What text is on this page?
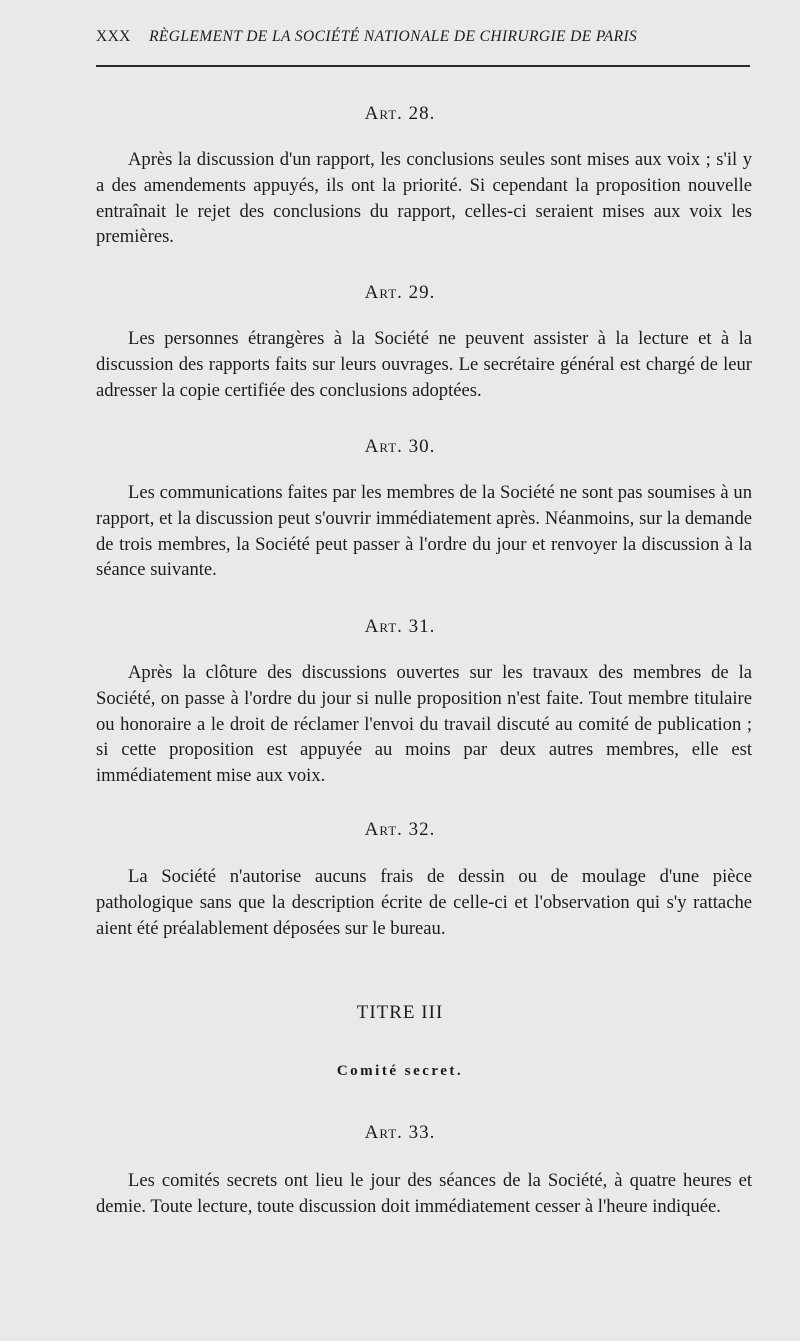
XXX RÈGLEMENT DE LA SOCIÉTÉ NATIONALE DE CHIRURGIE DE PARIS
Art. 28.
Après la discussion d'un rapport, les conclusions seules sont mises aux voix ; s'il y a des amendements appuyés, ils ont la priorité. Si cependant la proposition nouvelle entraînait le rejet des conclusions du rapport, celles-ci seraient mises aux voix les premières.
Art. 29.
Les personnes étrangères à la Société ne peuvent assister à la lecture et à la discussion des rapports faits sur leurs ouvrages. Le secrétaire général est chargé de leur adresser la copie certifiée des conclusions adoptées.
Art. 30.
Les communications faites par les membres de la Société ne sont pas soumises à un rapport, et la discussion peut s'ouvrir immédiatement après. Néanmoins, sur la demande de trois membres, la Société peut passer à l'ordre du jour et renvoyer la discussion à la séance suivante.
Art. 31.
Après la clôture des discussions ouvertes sur les travaux des membres de la Société, on passe à l'ordre du jour si nulle proposition n'est faite. Tout membre titulaire ou honoraire a le droit de réclamer l'envoi du travail discuté au comité de publication ; si cette proposition est appuyée au moins par deux autres membres, elle est immédiatement mise aux voix.
Art. 32.
La Société n'autorise aucuns frais de dessin ou de moulage d'une pièce pathologique sans que la description écrite de celle-ci et l'observation qui s'y rattache aient été préalablement déposées sur le bureau.
TITRE III
Comité secret.
Art. 33.
Les comités secrets ont lieu le jour des séances de la Société, à quatre heures et demie. Toute lecture, toute discussion doit immédiatement cesser à l'heure indiquée.
